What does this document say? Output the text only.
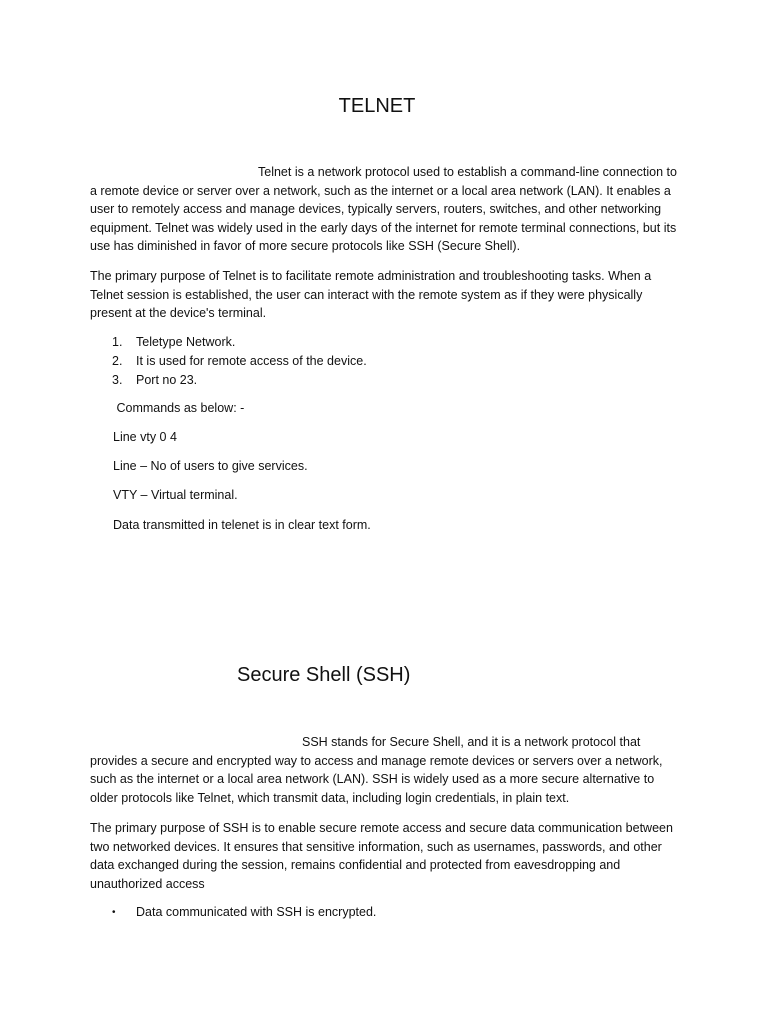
TELNET

Telnet is a network protocol used to establish a command-line connection to a remote device or server over a network, such as the internet or a local area network (LAN). It enables a user to remotely access and manage devices, typically servers, routers, switches, and other networking equipment. Telnet was widely used in the early days of the internet for remote terminal connections, but its use has diminished in favor of more secure protocols like SSH (Secure Shell).

The primary purpose of Telnet is to facilitate remote administration and troubleshooting tasks. When a Telnet session is established, the user can interact with the remote system as if they were physically present at the device's terminal.

1. Teletype Network.
2. It is used for remote access of the device.
3. Port no 23.
Commands as below: -
Line vty 0 4
Line – No of users to give services.
VTY – Virtual terminal.
Data transmitted in telenet is in clear text form.
Secure Shell (SSH)

SSH stands for Secure Shell, and it is a network protocol that provides a secure and encrypted way to access and manage remote devices or servers over a network, such as the internet or a local area network (LAN). SSH is widely used as a more secure alternative to older protocols like Telnet, which transmit data, including login credentials, in plain text.

The primary purpose of SSH is to enable secure remote access and secure data communication between two networked devices. It ensures that sensitive information, such as usernames, passwords, and other data exchanged during the session, remains confidential and protected from eavesdropping and unauthorized access

• Data communicated with SSH is encrypted.
